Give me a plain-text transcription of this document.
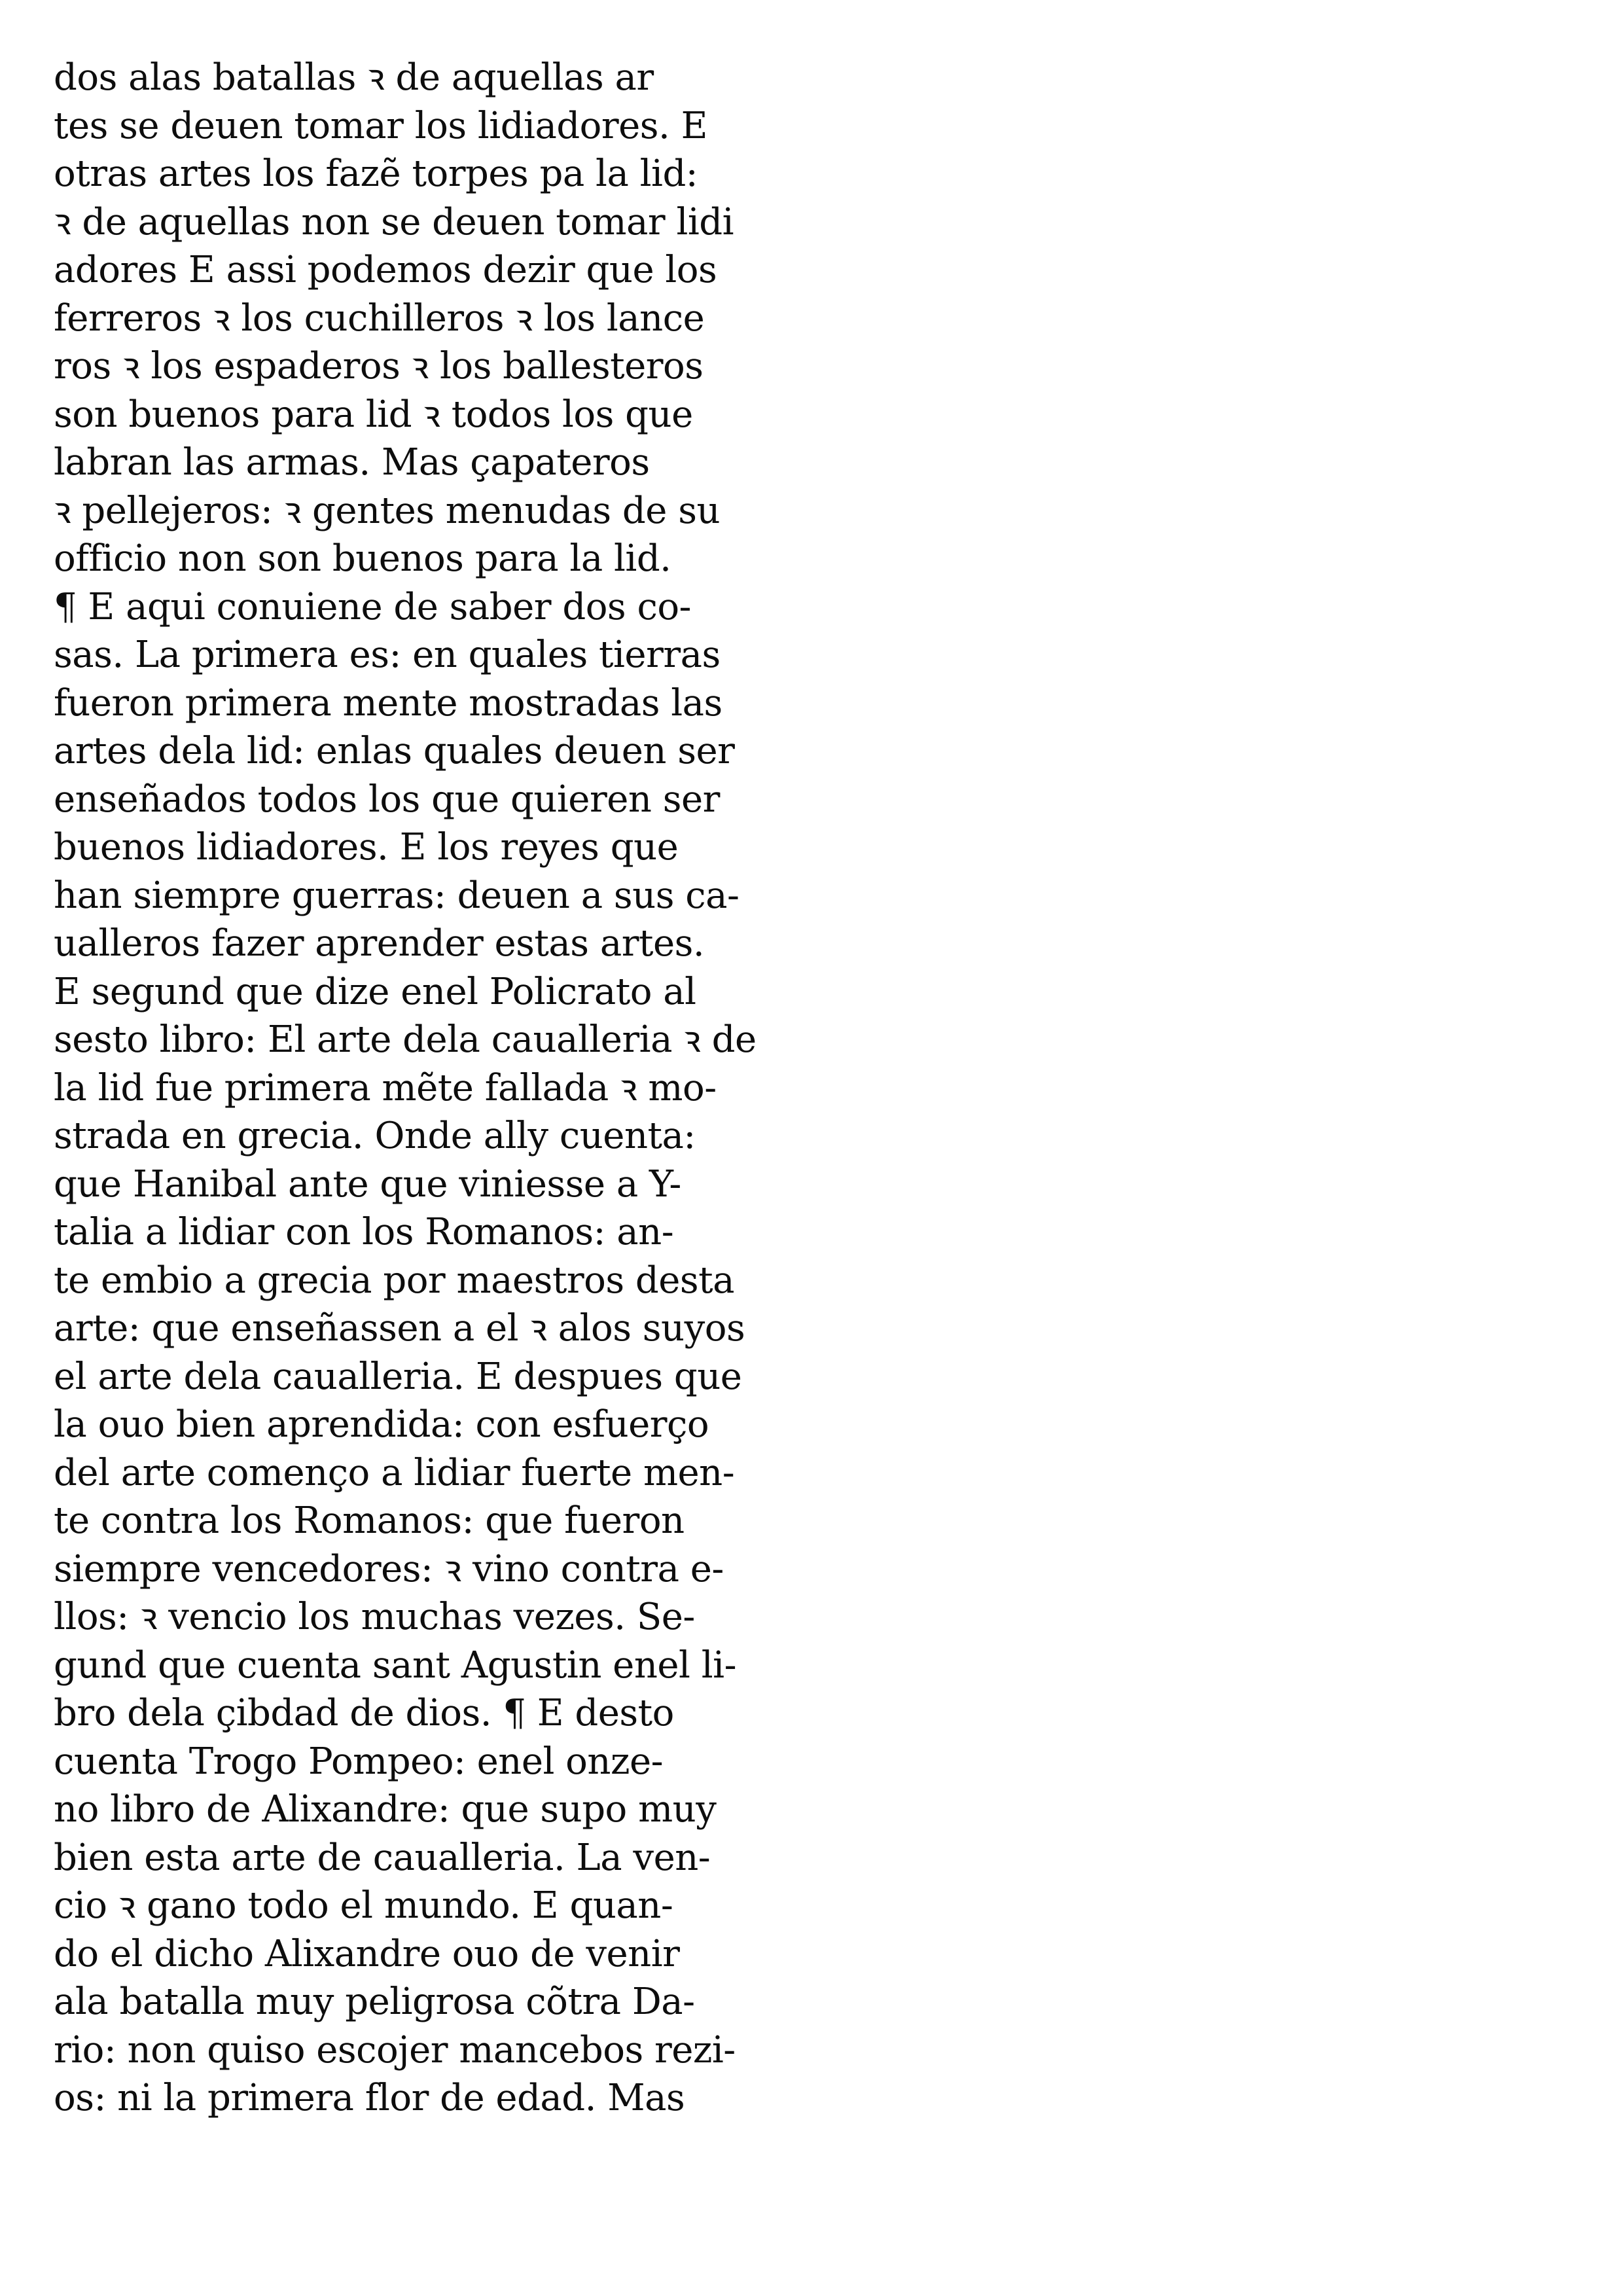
dos alas batallas ꝛ de aquellas ar
tes se deuen tomar los lidiadores. E
otras artes los fazẽ torpes pa la lid:
ꝛ de aquellas non se deuen tomar lidi
adores E assi podemos dezir que los
ferreros ꝛ los cuchilleros ꝛ los lance
ros ꝛ los espaderos ꝛ los ballesteros
son buenos para lid ꝛ todos los que
labran las armas. Mas çapateros
ꝛ pellejeros: ꝛ gentes menudas de su
officio non son buenos para la lid.
¶ E aqui conuiene de saber dos co-
sas. La primera es: en quales tierras
fueron primera mente mostradas las
artes dela lid: enlas quales deuen ser
enseñados todos los que quieren ser
buenos lidiadores. E los reyes que
han siempre guerras: deuen a sus ca-
ualleros fazer aprender estas artes.
E segund que dize enel Policrato al
sesto libro: El arte dela caualleria ꝛ de
la lid fue primera mẽte fallada ꝛ mo-
strada en grecia. Onde ally cuenta:
que Hanibal ante que viniesse a Y-
talia a lidiar con los Romanos: an-
te embio a grecia por maestros desta
arte: que enseñassen a el ꝛ alos suyos
el arte dela caualleria. E despues que
la ouo bien aprendida: con esfuerço
del arte començo a lidiar fuerte men-
te contra los Romanos: que fueron
siempre vencedores: ꝛ vino contra e-
llos: ꝛ vencio los muchas vezes. Se-
gund que cuenta sant Agustin enel li-
bro dela çibdad de dios. ¶ E desto
cuenta Trogo Pompeo: enel onze-
no libro de Alixandre: que supo muy
bien esta arte de caualleria. La ven-
cio ꝛ gano todo el mundo. E quan-
do el dicho Alixandre ouo de venir
ala batalla muy peligrosa cõtra Da-
rio: non quiso escojer mancebos rezi-
os: ni la primera flor de edad. Mas
